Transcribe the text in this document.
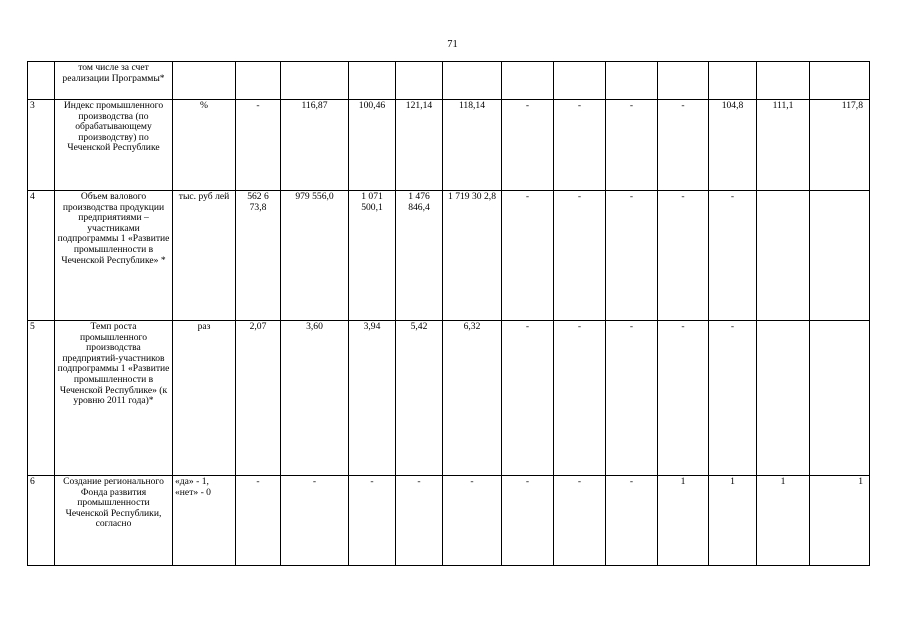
71
	том числе за счет реализации Программы*													
3	Индекс промышленного производства (по обрабатывающему производству) по Чеченской Республике	%	-	116,87	100,46	121,14	118,14	-	-	-	-	104,8	111,1	117,8
4	Объем валового производства продукции предприятиями – участниками подпрограммы 1 «Развитие промышленности в Чеченской Республике» *	тыс. руб лей	562 6 73,8	979 556,0	1 071 500,1	1 476 846,4	1 719 30 2,8	-	-	-	-	-		
5	Темп роста промышленного производства предприятий-участников подпрограммы 1 «Развитие промышленности в Чеченской Республике» (к уровню 2011 года)*	раз	2,07	3,60	3,94	5,42	6,32	-	-	-	-	-		
6	Создание регионального Фонда развития промышленности Чеченской Республики, согласно	«да» - 1, «нет» - 0	-	-	-	-	-	-	-	-	1	1	1	1
